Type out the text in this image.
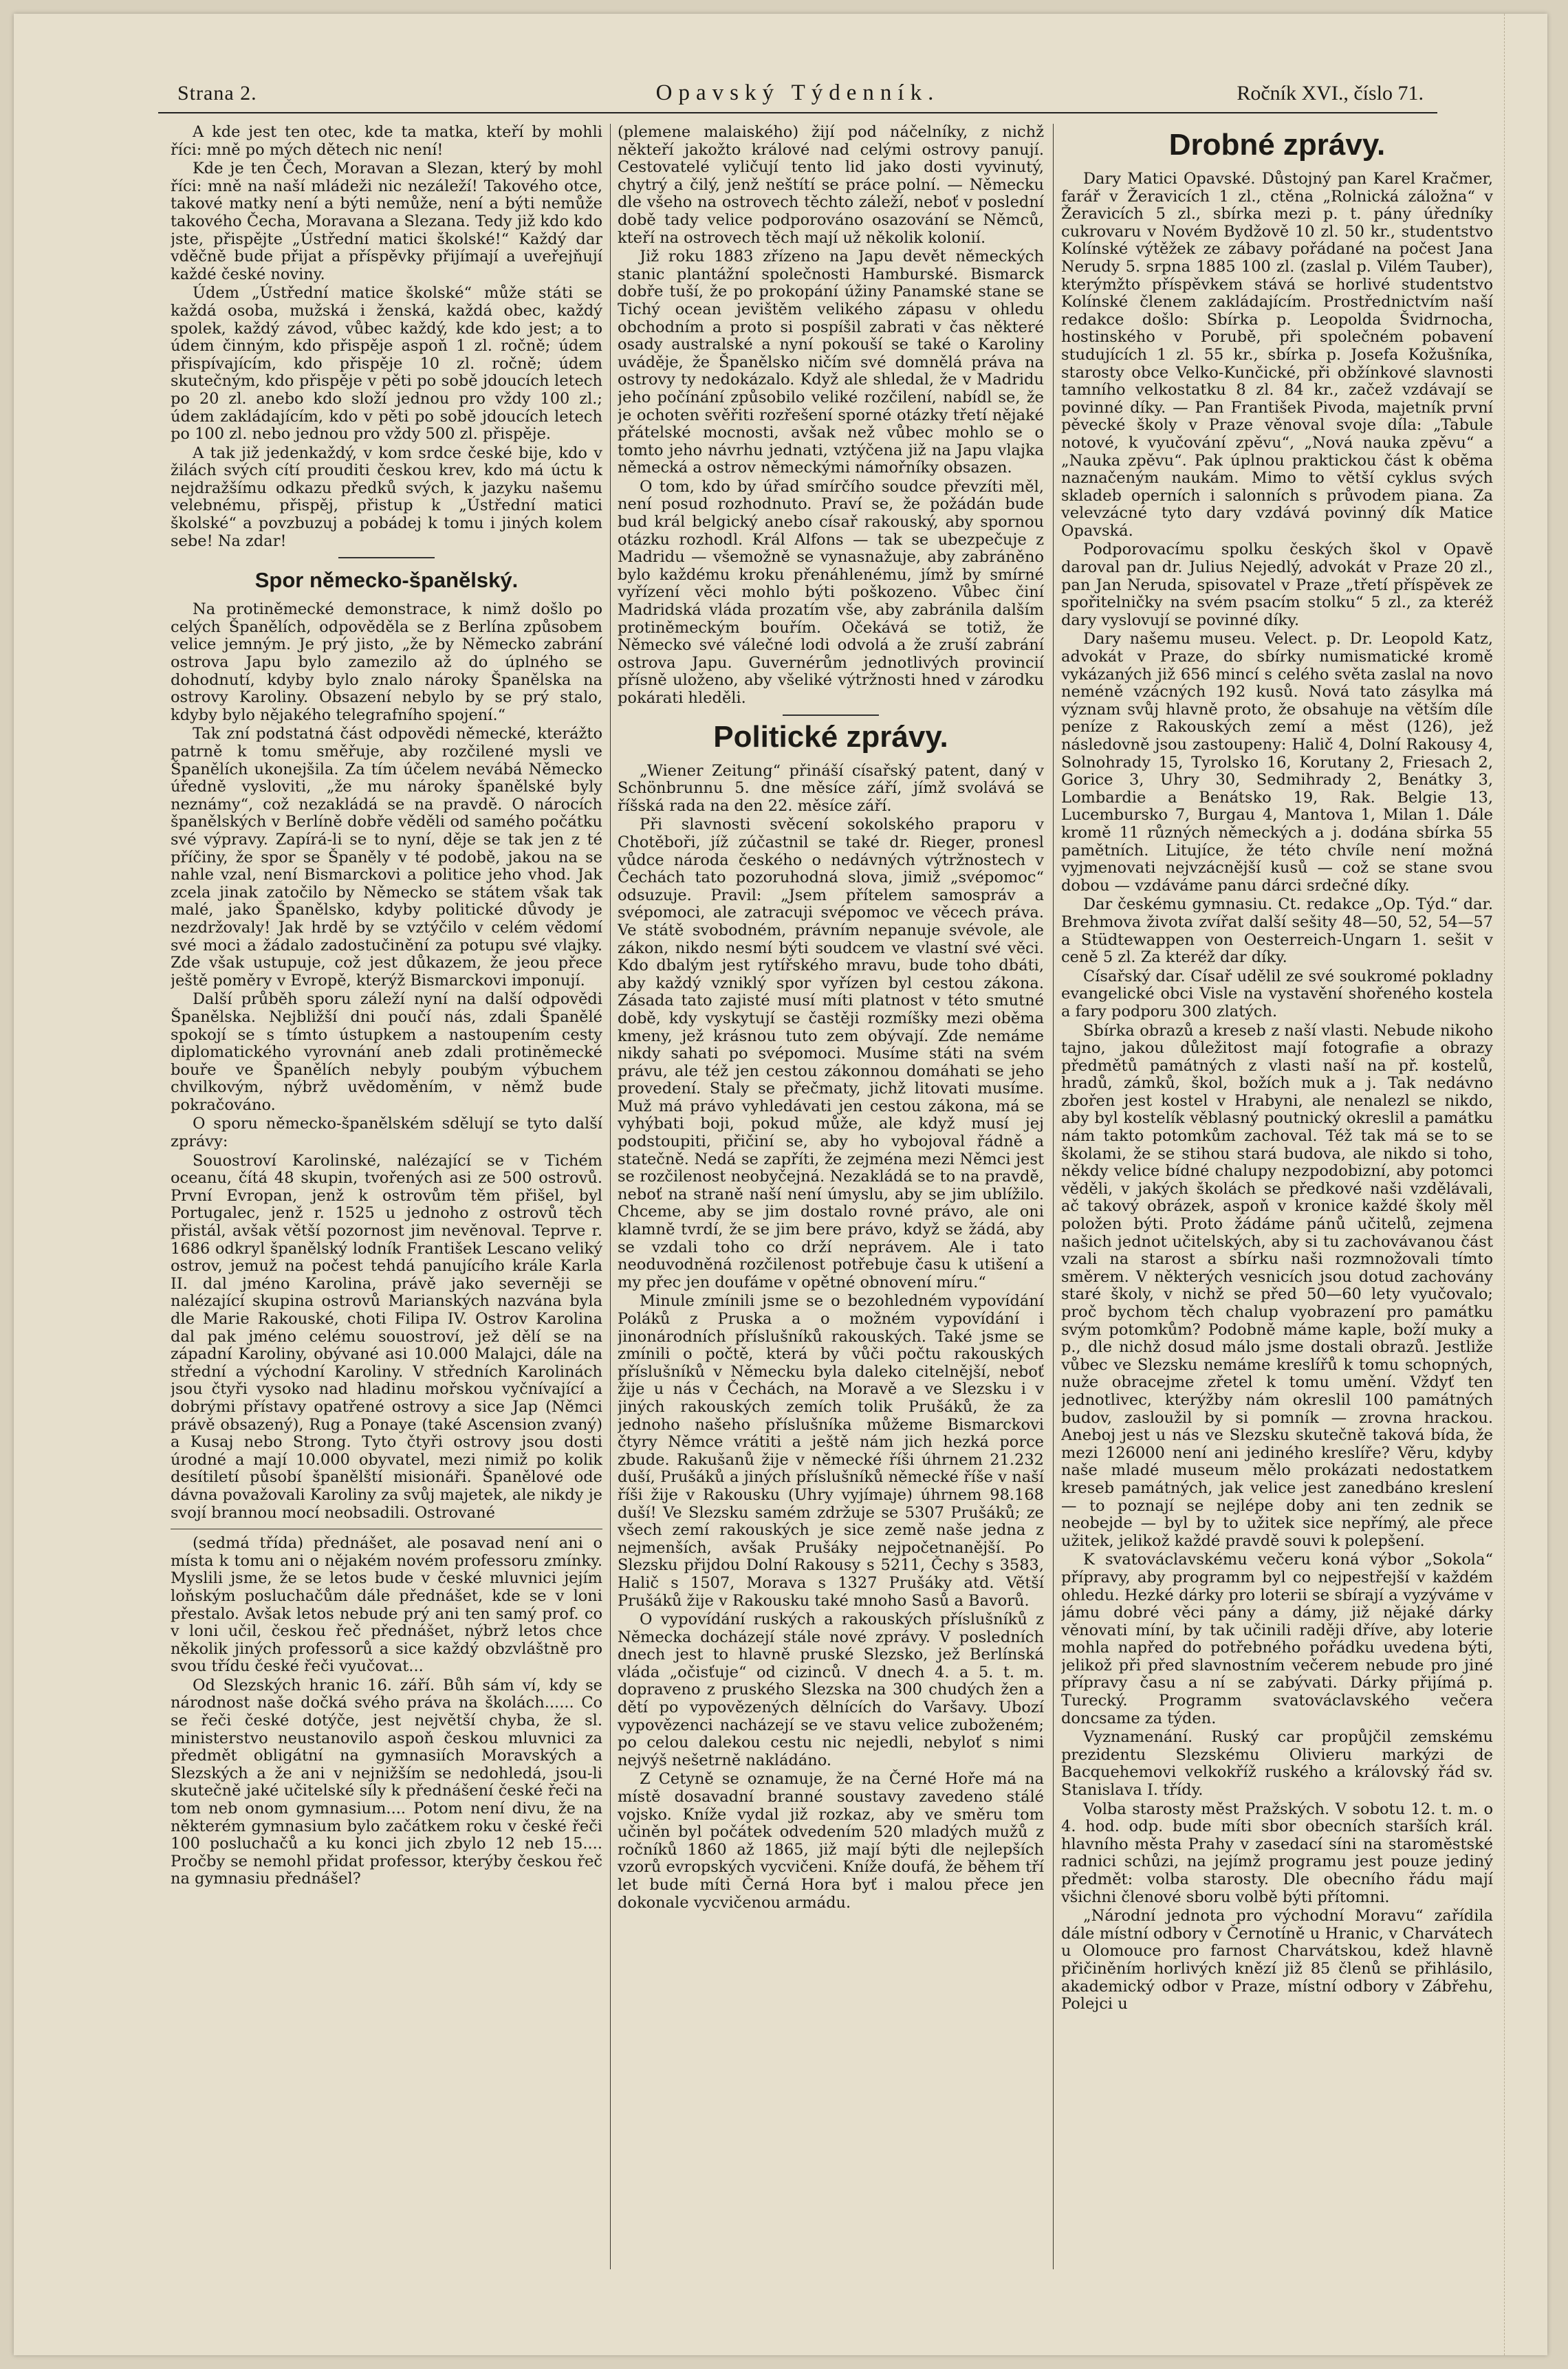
Strana 2.	Opavský Týdenník.	Ročník XVI., číslo 71.

A kde jest ten otec, kde ta matka, kteří by mohli říci: mně po mých dětech nic není!

Kde je ten Čech, Moravan a Slezan, který by mohl říci: mně na naší mládeži nic nezáleží! Takového otce, takové matky není a býti nemůže, není a býti nemůže takového Čecha, Moravana a Slezana. Tedy již kdo kdo jste, přispějte „Ústřední matici školské!“ Každý dar vděčně bude přijat a příspěvky přijímají a uveřejňují každé české noviny.

Údem „Ústřední matice školské“ může státi se každá osoba, mužská i ženská, každá obec, každý spolek, každý závod, vůbec každý, kde kdo jest; a to údem činným, kdo přispěje aspoň 1 zl. ročně; údem přispívajícím, kdo přispěje 10 zl. ročně; údem skutečným, kdo přispěje v pěti po sobě jdoucích letech po 20 zl. anebo kdo složí jednou pro vždy 100 zl.; údem zakládajícím, kdo v pěti po sobě jdoucích letech po 100 zl. nebo jednou pro vždy 500 zl. přispěje.

A tak již jedenkaždý, v kom srdce české bije, kdo v žilách svých cítí prouditi českou krev, kdo má úctu k nejdražšímu odkazu předků svých, k jazyku našemu velebnému, přispěj, přistup k „Ústřední matici školské“ a povzbuzuj a pobádej k tomu i jiných kolem sebe! Na zdar!

Spor německo-španělský.

Na protiněmecké demonstrace, k nimž došlo po celých Španělích, odpověděla se z Berlína způsobem velice jemným. Je prý jisto, „že by Německo zabrání ostrova Japu bylo zamezilo až do úplného se dohodnutí, kdyby bylo znalo nároky Španělska na ostrovy Karoliny. Obsazení nebylo by se prý stalo, kdyby bylo nějakého telegrafního spojení.“

Tak zní podstatná část odpovědi německé, kterážto patrně k tomu směřuje, aby rozčilené mysli ve Španělích ukonejšila. Za tím účelem nevábá Německo úředně vysloviti, „že mu nároky španělské byly neznámy“, což nezakládá se na pravdě. O nárocích španělských v Berlíně dobře věděli od samého počátku své výpravy. Zapírá-li se to nyní, děje se tak jen z té příčiny, že spor se Španěly v té podobě, jakou na se nahle vzal, není Bismarckovi a politice jeho vhod. Jak zcela jinak zatočilo by Německo se státem však tak malé, jako Španělsko, kdyby politické důvody je nezdržovaly! Jak hrdě by se vztýčilo v celém vědomí své moci a žádalo zadostučinění za potupu své vlajky. Zde však ustupuje, což jest důkazem, že jeou přece ještě poměry v Evropě, kterýž Bismarckovi imponují.

Další průběh sporu záleží nyní na další odpovědi Španělska. Nejbližší dni poučí nás, zdali Španělé spokojí se s tímto ústupkem a nastoupením cesty diplomatického vyrovnání aneb zdali protiněmecké bouře ve Španělích nebyly poubým výbuchem chvilkovým, nýbrž uvědoměním, v němž bude pokračováno.

O sporu německo-španělském sdělují se tyto další zprávy:

Souostroví Karolinské, nalézající se v Tichém oceanu, čítá 48 skupin, tvořených asi ze 500 ostrovů. První Evropan, jenž k ostrovům těm přišel, byl Portugalec, jenž r. 1525 u jednoho z ostrovů těch přistál, avšak větší pozornost jim nevěnoval. Teprve r. 1686 odkryl španělský lodník František Lescano veliký ostrov, jemuž na počest tehdá panujícího krále Karla II. dal jméno Karolina, právě jako severněji se nalézající skupina ostrovů Marianských nazvána byla dle Marie Rakouské, choti Filipa IV. Ostrov Karolina dal pak jméno celému souostroví, jež dělí se na západní Karoliny, obývané asi 10.000 Malajci, dále na střední a východní Karoliny. V středních Karolinách jsou čtyři vysoko nad hladinu mořskou vyčnívající a dobrými přístavy opatřené ostrovy a sice Jap (Němci právě obsazený), Rug a Ponaye (také Ascension zvaný) a Kusaj nebo Strong. Tyto čtyři ostrovy jsou dosti úrodné a mají 10.000 obyvatel, mezi nimiž po kolik desítiletí působí španělští misionáři. Španělové ode dávna považovali Karoliny za svůj majetek, ale nikdy je svojí brannou mocí neobsadili. Ostrované

(sedmá třída) přednášet, ale posavad není ani o místa k tomu ani o nějakém novém professoru zmínky. Myslili jsme, že se letos bude v české mluvnici jejím loňským posluchačům dále přednášet, kde se v loni přestalo. Avšak letos nebude prý ani ten samý prof. co v loni učil, českou řeč přednášet, nýbrž letos chce několik jiných professorů a sice každý obzvláštně pro svou třídu české řeči vyučovat...

Od Slezských hranic 16. září. Bůh sám ví, kdy se národnost naše dočká svého práva na školách...... Co se řeči české dotýče, jest největší chyba, že sl. ministerstvo neustanovilo aspoň českou mluvnici za předmět obligátní na gymnasiích Moravských a Slezských a že ani v nejnižším se nedohledá, jsou-li skutečně jaké učitelské síly k přednášení české řeči na tom neb onom gymnasium.... Potom není divu, že na některém gymnasium bylo začátkem roku v české řeči 100 posluchačů a ku konci jich zbylo 12 neb 15.... Pročby se nemohl přidat professor, kterýby českou řeč na gymnasiu přednášel?

(plemene malaiského) žijí pod náčelníky, z nichž někteří jakožto králové nad celými ostrovy panují. Cestovatelé vyličují tento lid jako dosti vyvinutý, chytrý a čilý, jenž neštítí se práce polní. — Německu dle všeho na ostrovech těchto záleží, neboť v poslední době tady velice podporováno osazování se Němců, kteří na ostrovech těch mají už několik kolonií.

Již roku 1883 zřízeno na Japu devět německých stanic plantážní společnosti Hamburské. Bismarck dobře tuší, že po prokopání úžiny Panamské stane se Tichý ocean jevištěm velikého zápasu v ohledu obchodním a proto si pospíšil zabrati v čas některé osady australské a nyní pokouší se také o Karoliny uváděje, že Španělsko ničím své domnělá práva na ostrovy ty nedokázalo. Když ale shledal, že v Madridu jeho počínání způsobilo veliké rozčilení, nabídl se, že je ochoten svěřiti rozřešení sporné otázky třetí nějaké přátelské mocnosti, avšak než vůbec mohlo se o tomto jeho návrhu jednati, vztýčena již na Japu vlajka německá a ostrov německými námořníky obsazen.

O tom, kdo by úřad smírčího soudce převzíti měl, není posud rozhodnuto. Praví se, že požádán bude bud král belgický anebo císař rakouský, aby spornou otázku rozhodl. Král Alfons — tak se ubezpečuje z Madridu — všemožně se vynasnažuje, aby zabráněno bylo každému kroku přenáhlenému, jímž by smírné vyřízení věci mohlo býti poškozeno. Vůbec činí Madridská vláda prozatím vše, aby zabránila dalším protiněmeckým bouřím. Očekává se totiž, že Německo své válečné lodi odvolá a že zruší zabrání ostrova Japu. Guvernérům jednotlivých provincií přísně uloženo, aby všeliké výtržnosti hned v zárodku pokárati hleděli.

Politické zprávy.

„Wiener Zeitung“ přináší císařský patent, daný v Schönbrunnu 5. dne měsíce září, jímž svolává se říšská rada na den 22. měsíce září.

Při slavnosti svěcení sokolského praporu v Chotěboři, jíž zúčastnil se také dr. Rieger, pronesl vůdce národa českého o nedávných výtržnostech v Čechách tato pozoruhodná slova, jimiž „svépomoc“ odsuzuje. Pravil: „Jsem přítelem samospráv a svépomoci, ale zatracuji svépomoc ve věcech práva. Ve státě svobodném, právním nepanuje svévole, ale zákon, nikdo nesmí býti soudcem ve vlastní své věci. Kdo dbalým jest rytířského mravu, bude toho dbáti, aby každý vzniklý spor vyřízen byl cestou zákona. Zásada tato zajisté musí míti platnost v této smutné době, kdy vyskytují se častěji rozmíšky mezi oběma kmeny, jež krásnou tuto zem obývají. Zde nemáme nikdy sahati po svépomoci. Musíme státi na svém právu, ale též jen cestou zákonnou domáhati se jeho provedení. Staly se přečmaty, jichž litovati musíme. Muž má právo vyhledávati jen cestou zákona, má se vyhýbati boji, pokud může, ale když musí jej podstoupiti, přičiní se, aby ho vybojoval řádně a statečně. Nedá se zapříti, že zejména mezi Němci jest se rozčilenost neobyčejná. Nezakládá se to na pravdě, neboť na straně naší není úmyslu, aby se jim ublížilo. Chceme, aby se jim dostalo rovné právo, ale oni klamně tvrdí, že se jim bere právo, když se žádá, aby se vzdali toho co drží neprávem. Ale i tato neoduvodněná rozčilenost potřebuje času k utišení a my přec jen doufáme v opětné obnovení míru.“

Minule zmínili jsme se o bezohledném vypovídání Poláků z Pruska a o možném vypovídání i jinonárodních příslušníků rakouských. Také jsme se zmínili o počtě, která by vůči počtu rakouských příslušníků v Německu byla daleko citelnější, neboť žije u nás v Čechách, na Moravě a ve Slezsku i v jiných rakouských zemích tolik Prušáků, že za jednoho našeho příslušníka můžeme Bismarckovi čtyry Němce vrátiti a ještě nám jich hezká porce zbude. Rakušanů žije v německé říši úhrnem 21.232 duší, Prušáků a jiných příslušníků německé říše v naší říši žije v Rakousku (Uhry vyjímaje) úhrnem 98.168 duší! Ve Slezsku samém zdržuje se 5307 Prušáků; ze všech zemí rakouských je sice země naše jedna z nejmenších, avšak Prušáky nejpočetnanější. Po Slezsku přijdou Dolní Rakousy s 5211, Čechy s 3583, Halič s 1507, Morava s 1327 Prušáky atd. Větší Prušáků žije v Rakousku také mnoho Sasů a Bavorů.

O vypovídání ruských a rakouských příslušníků z Německa docházejí stále nové zprávy. V posledních dnech jest to hlavně pruské Slezsko, jež Berlínská vláda „očisťuje“ od cizinců. V dnech 4. a 5. t. m. dopraveno z pruského Slezska na 300 chudých žen a dětí po vypovězených dělnících do Varšavy. Ubozí vypovězenci nacházejí se ve stavu velice zuboženém; po celou dalekou cestu nic nejedli, nebyloť s nimi nejvýš nešetrně nakládáno.

Z Cetyně se oznamuje, že na Černé Hoře má na místě dosavadní branné soustavy zavedeno stálé vojsko. Kníže vydal již rozkaz, aby ve směru tom učiněn byl počátek odvedením 520 mladých mužů z ročníků 1860 až 1865, již mají býti dle nejlepších vzorů evropských vycvičeni. Kníže doufá, že během tří let bude míti Černá Hora byť i malou přece jen dokonale vycvičenou armádu.

Drobné zprávy.

Dary Matici Opavské. Důstojný pan Karel Kračmer, farář v Žeravicích 1 zl., ctěna „Rolnická záložna“ v Žeravicích 5 zl., sbírka mezi p. t. pány úředníky cukrovaru v Novém Bydžově 10 zl. 50 kr., studentstvo Kolínské výtěžek ze zábavy pořádané na počest Jana Nerudy 5. srpna 1885 100 zl. (zaslal p. Vilém Tauber), kterýmžto příspěvkem stává se horlivé studentstvo Kolínské členem zakládajícím. Prostřednictvím naší redakce došlo: Sbírka p. Leopolda Švidrnocha, hostinského v Porubě, při společném pobavení studujících 1 zl. 55 kr., sbírka p. Josefa Kožušníka, starosty obce Velko-Kunčické, při obžínkové slavnosti tamního velkostatku 8 zl. 84 kr., začež vzdávají se povinné díky. — Pan František Pivoda, majetník první pěvecké školy v Praze věnoval svoje díla: „Tabule notové, k vyučování zpěvu“, „Nová nauka zpěvu“ a „Nauka zpěvu“. Pak úplnou praktickou část k oběma naznačeným naukám. Mimo to větší cyklus svých skladeb operních i salonních s průvodem piana. Za velevzácné tyto dary vzdává povinný dík Matice Opavská.

Podporovacímu spolku českých škol v Opavě daroval pan dr. Julius Nejedlý, advokát v Praze 20 zl., pan Jan Neruda, spisovatel v Praze „třetí příspěvek ze spořitelničky na svém psacím stolku“ 5 zl., za kteréž dary vyslovují se povinné díky.

Dary našemu museu. Velect. p. Dr. Leopold Katz, advokát v Praze, do sbírky numismatické kromě vykázaných již 656 mincí s celého světa zaslal na novo neméně vzácných 192 kusů. Nová tato zásylka má význam svůj hlavně proto, že obsahuje na větším díle peníze z Rakouských zemí a měst (126), jež následovně jsou zastoupeny: Halič 4, Dolní Rakousy 4, Solnohrady 15, Tyrolsko 16, Korutany 2, Friesach 2, Gorice 3, Uhry 30, Sedmihrady 2, Benátky 3, Lombardie a Benátsko 19, Rak. Belgie 13, Lucembursko 7, Burgau 4, Mantova 1, Milan 1. Dále kromě 11 různých německých a j. dodána sbírka 55 pamětních. Litujíce, že této chvíle není možná vyjmenovati nejvzácnější kusů — což se stane svou dobou — vzdáváme panu dárci srdečné díky.

Dar českému gymnasiu. Ct. redakce „Op. Týd.“ dar. Brehmova života zvířat další sešity 48—50, 52, 54—57 a Stüdtewappen von Oesterreich-Ungarn 1. sešit v ceně 5 zl. Za kteréž dar díky.

Císařský dar. Císař udělil ze své soukromé pokladny evangelické obci Visle na vystavění shořeného kostela a fary podporu 300 zlatých.

Sbírka obrazů a kreseb z naší vlasti. Nebude nikoho tajno, jakou důležitost mají fotografie a obrazy předmětů památných z vlasti naší na př. kostelů, hradů, zámků, škol, božích muk a j. Tak nedávno zbořen jest kostel v Hrabyni, ale nenalezl se nikdo, aby byl kostelík věblasný poutnický okreslil a památku nám takto potomkům zachoval. Též tak má se to se školami, že se stihou stará budova, ale nikdo si toho, někdy velice bídné chalupy nezpodobizní, aby potomci věděli, v jakých školách se předkové naši vzdělávali, ač takový obrázek, aspoň v kronice každé školy měl položen býti. Proto žádáme pánů učitelů, zejmena našich jednot učitelských, aby si tu zachovávanou část vzali na starost a sbírku naši rozmnožovali tímto směrem. V některých vesnicích jsou dotud zachovány staré školy, v nichž se před 50—60 lety vyučovalo; proč bychom těch chalup vyobrazení pro památku svým potomkům? Podobně máme kaple, boží muky a p., dle nichž dosud málo jsme dostali obrazů. Jestliže vůbec ve Slezsku nemáme kreslířů k tomu schopných, nuže obracejme zřetel k tomu umění. Vždyť ten jednotlivec, kterýžby nám okreslil 100 památných budov, zasloužil by si pomník — zrovna hrackou. Aneboj jest u nás ve Slezsku skutečně taková bída, že mezi 126000 není ani jediného kreslíře? Věru, kdyby naše mladé museum mělo prokázati nedostatkem kreseb památných, jak velice jest zanedbáno kreslení — to poznají se nejlépe doby ani ten zednik se neobejde — byl by to užitek sice nepřímý, ale přece užitek, jelikož každé pravdě souvi k polepšení.

K svatováclavskému večeru koná výbor „Sokola“ přípravy, aby programm byl co nejpestřejší v každém ohledu. Hezké dárky pro loterii se sbírají a vyzýváme v jámu dobré věci pány a dámy, již nějaké dárky věnovati míní, by tak učinili raději dříve, aby loterie mohla napřed do potřebného pořádku uvedena býti, jelikož při před slavnostním večerem nebude pro jiné přípravy času a ní se zabývati. Dárky přijímá p. Turecký. Programm svatováclavského večera doncsame za týden.

Vyznamenání. Ruský car propůjčil zemskému prezidentu Slezskému Olivieru markýzi de Bacquehemovi velkokříž ruského a královský řád sv. Stanislava I. třídy.

Volba starosty měst Pražských. V sobotu 12. t. m. o 4. hod. odp. bude míti sbor obecních starších král. hlavního města Prahy v zasedací síni na staroměstské radnici schůzi, na jejímž programu jest pouze jediný předmět: volba starosty. Dle obecního řádu mají všichni členové sboru volbě býti přítomni.

„Národní jednota pro východní Moravu“ zařídila dále místní odbory v Černotíně u Hranic, v Charvátech u Olomouce pro farnost Charvátskou, kdež hlavně přičiněním horlivých knězí již 85 členů se přihlásilo, akademický odbor v Praze, místní odbory v Zábřehu, Polejci u
